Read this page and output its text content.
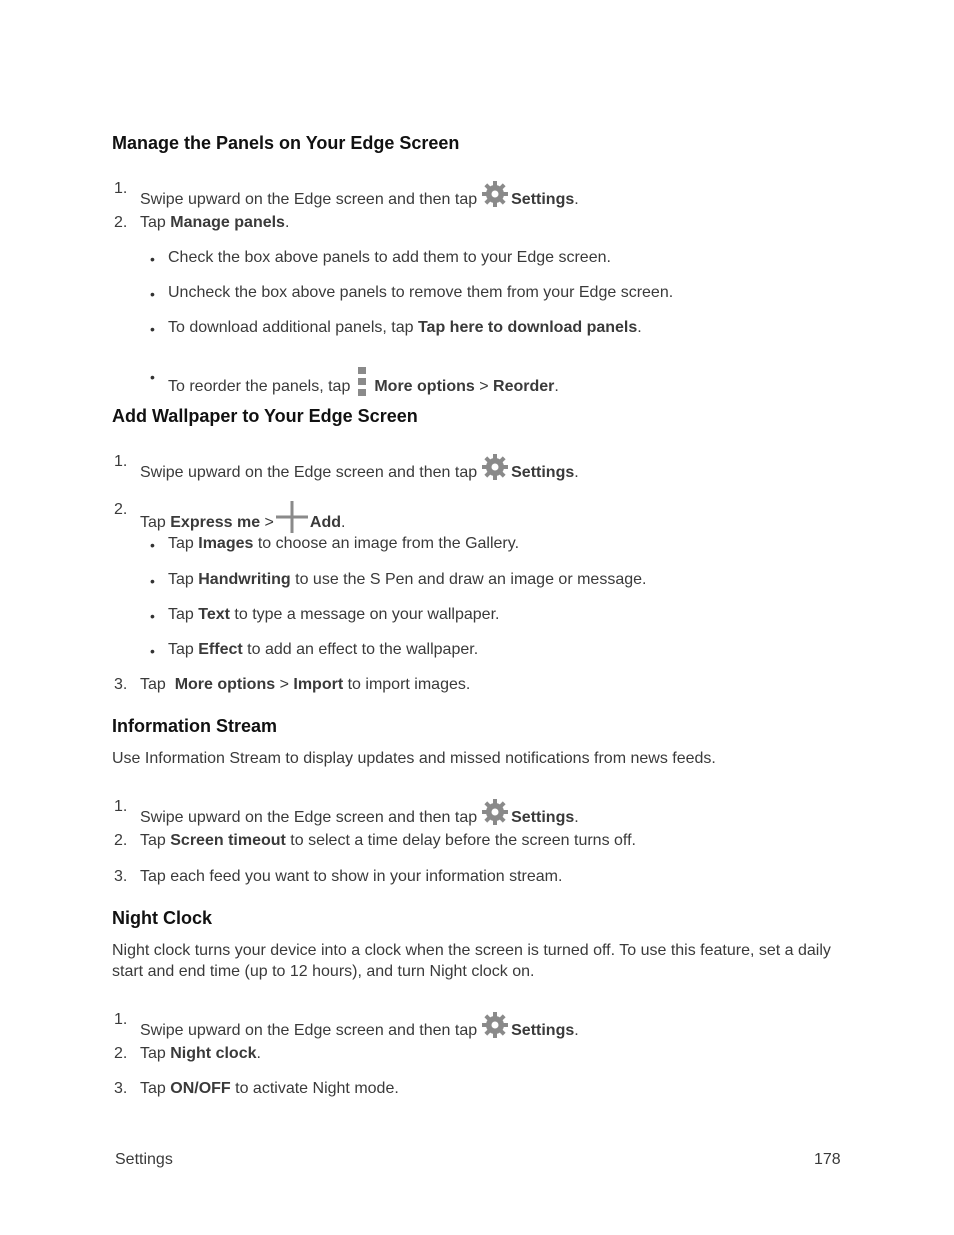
Manage the Panels on Your Edge Screen
1.
Swipe upward on the Edge screen and then tap Settings.
2. Tap Manage panels.
• Check the box above panels to add them to your Edge screen.
• Uncheck the box above panels to remove them from your Edge screen.
• To download additional panels, tap Tap here to download panels.
•
To reorder the panels, tap More options > Reorder.
Add Wallpaper to Your Edge Screen
1.
Swipe upward on the Edge screen and then tap Settings.
2.
Tap Express me > Add.
• Tap Images to choose an image from the Gallery.
• Tap Handwriting to use the S Pen and draw an image or message.
• Tap Text to type a message on your wallpaper.
• Tap Effect to add an effect to the wallpaper.
3. Tap More options > Import to import images.
Information Stream
Use Information Stream to display updates and missed notifications from news feeds.
1.
Swipe upward on the Edge screen and then tap Settings.
2. Tap Screen timeout to select a time delay before the screen turns off.
3. Tap each feed you want to show in your information stream.
Night Clock
Night clock turns your device into a clock when the screen is turned off. To use this feature, set a daily start and end time (up to 12 hours), and turn Night clock on.
1.
Swipe upward on the Edge screen and then tap Settings.
2. Tap Night clock.
3. Tap ON/OFF to activate Night mode.
Settings	178
